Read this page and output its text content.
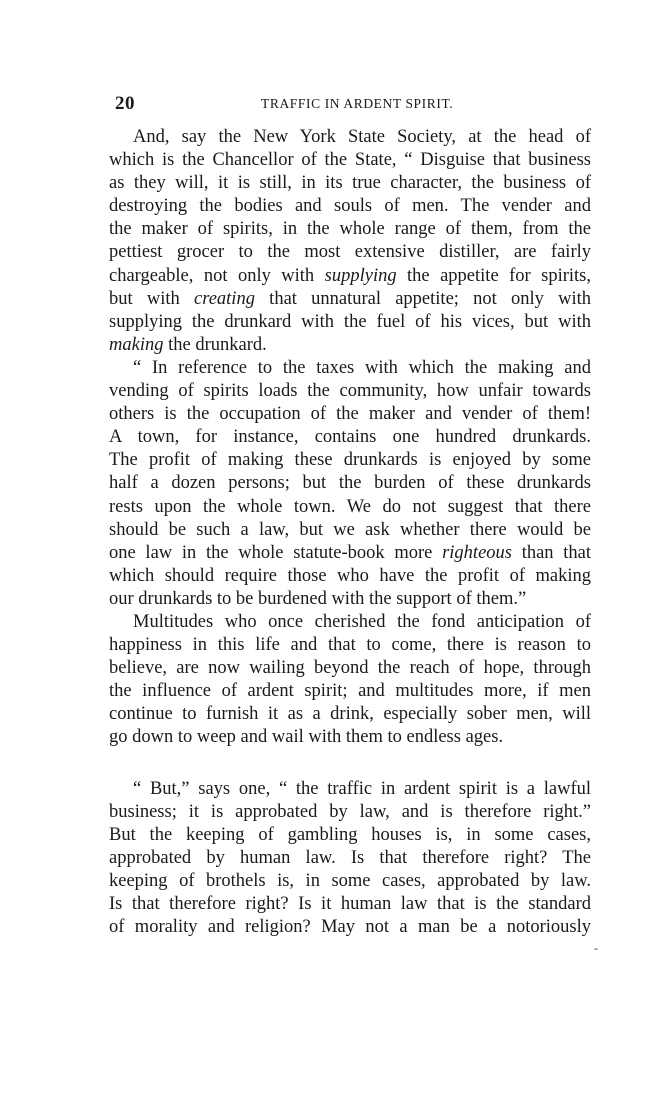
20	TRAFFIC IN ARDENT SPIRIT.
And, say the New York State Society, at the head of
which is the Chancellor of the State, “ Disguise that business
as they will, it is still, in its true character, the business of
destroying the bodies and souls of men. The vender and
the maker of spirits, in the whole range of them, from the
pettiest grocer to the most extensive distiller, are fairly
chargeable, not only with supplying the appetite for spirits,
but with creating that unnatural appetite; not only with
supplying the drunkard with the fuel of his vices, but with
making the drunkard.
“ In reference to the taxes with which the making and
vending of spirits loads the community, how unfair towards
others is the occupation of the maker and vender of them!
A town, for instance, contains one hundred drunkards.
The profit of making these drunkards is enjoyed by some
half a dozen persons; but the burden of these drunkards
rests upon the whole town. We do not suggest that there
should be such a law, but we ask whether there would be
one law in the whole statute-book more righteous than that
which should require those who have the profit of making
our drunkards to be burdened with the support of them.”
Multitudes who once cherished the fond anticipation of
happiness in this life and that to come, there is reason to
believe, are now wailing beyond the reach of hope, through
the influence of ardent spirit; and multitudes more, if men
continue to furnish it as a drink, especially sober men, will
go down to weep and wail with them to endless ages.
“ But,” says one, “ the traffic in ardent spirit is a lawful
business; it is approbated by law, and is therefore right.”
But the keeping of gambling houses is, in some cases,
approbated by human law. Is that therefore right? The
keeping of brothels is, in some cases, approbated by law.
Is that therefore right? Is it human law that is the standard
of morality and religion? May not a man be a notoriously
-
